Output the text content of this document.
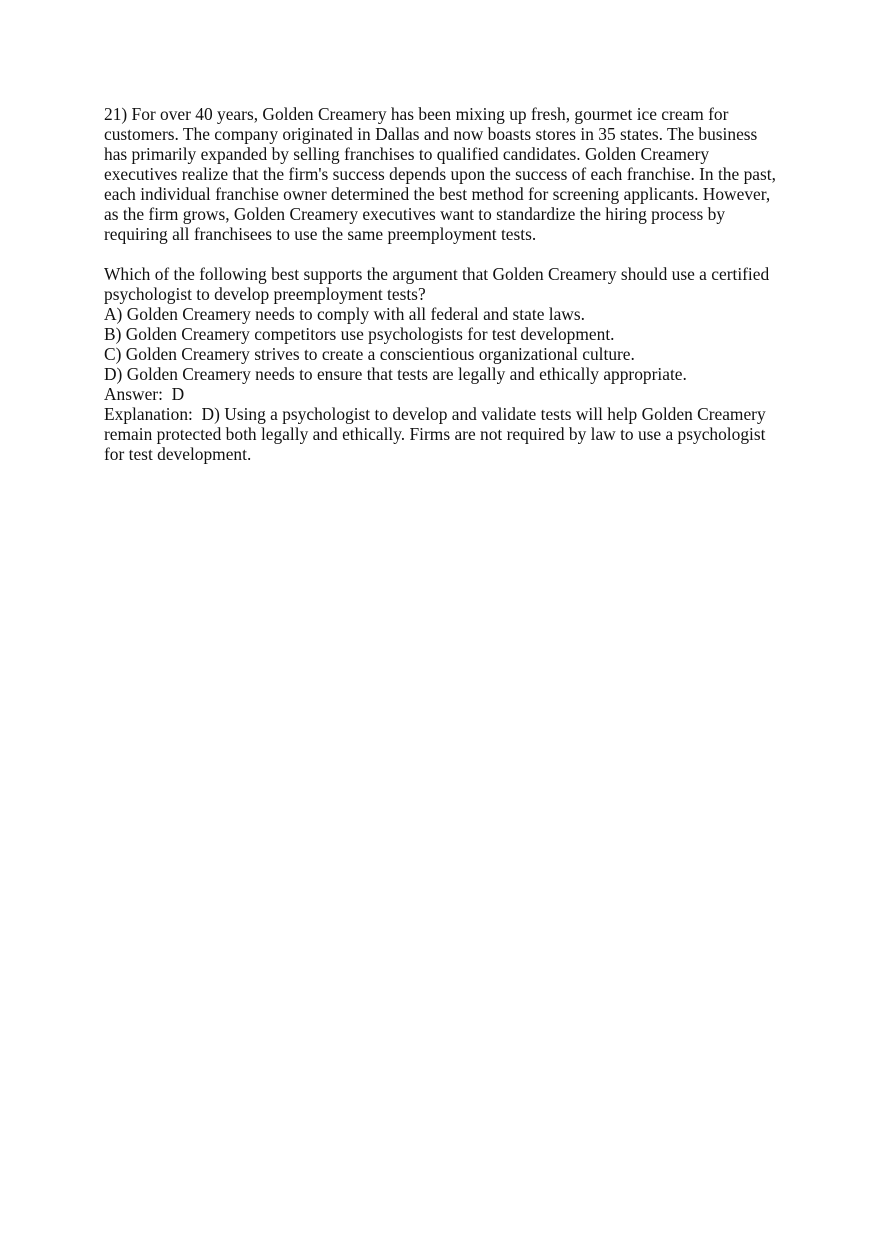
21) For over 40 years, Golden Creamery has been mixing up fresh, gourmet ice cream for customers. The company originated in Dallas and now boasts stores in 35 states. The business has primarily expanded by selling franchises to qualified candidates. Golden Creamery executives realize that the firm's success depends upon the success of each franchise. In the past, each individual franchise owner determined the best method for screening applicants. However, as the firm grows, Golden Creamery executives want to standardize the hiring process by requiring all franchisees to use the same preemployment tests.

Which of the following best supports the argument that Golden Creamery should use a certified psychologist to develop preemployment tests?
A) Golden Creamery needs to comply with all federal and state laws.
B) Golden Creamery competitors use psychologists for test development.
C) Golden Creamery strives to create a conscientious organizational culture.
D) Golden Creamery needs to ensure that tests are legally and ethically appropriate.
Answer:  D
Explanation:  D) Using a psychologist to develop and validate tests will help Golden Creamery remain protected both legally and ethically. Firms are not required by law to use a psychologist for test development.
